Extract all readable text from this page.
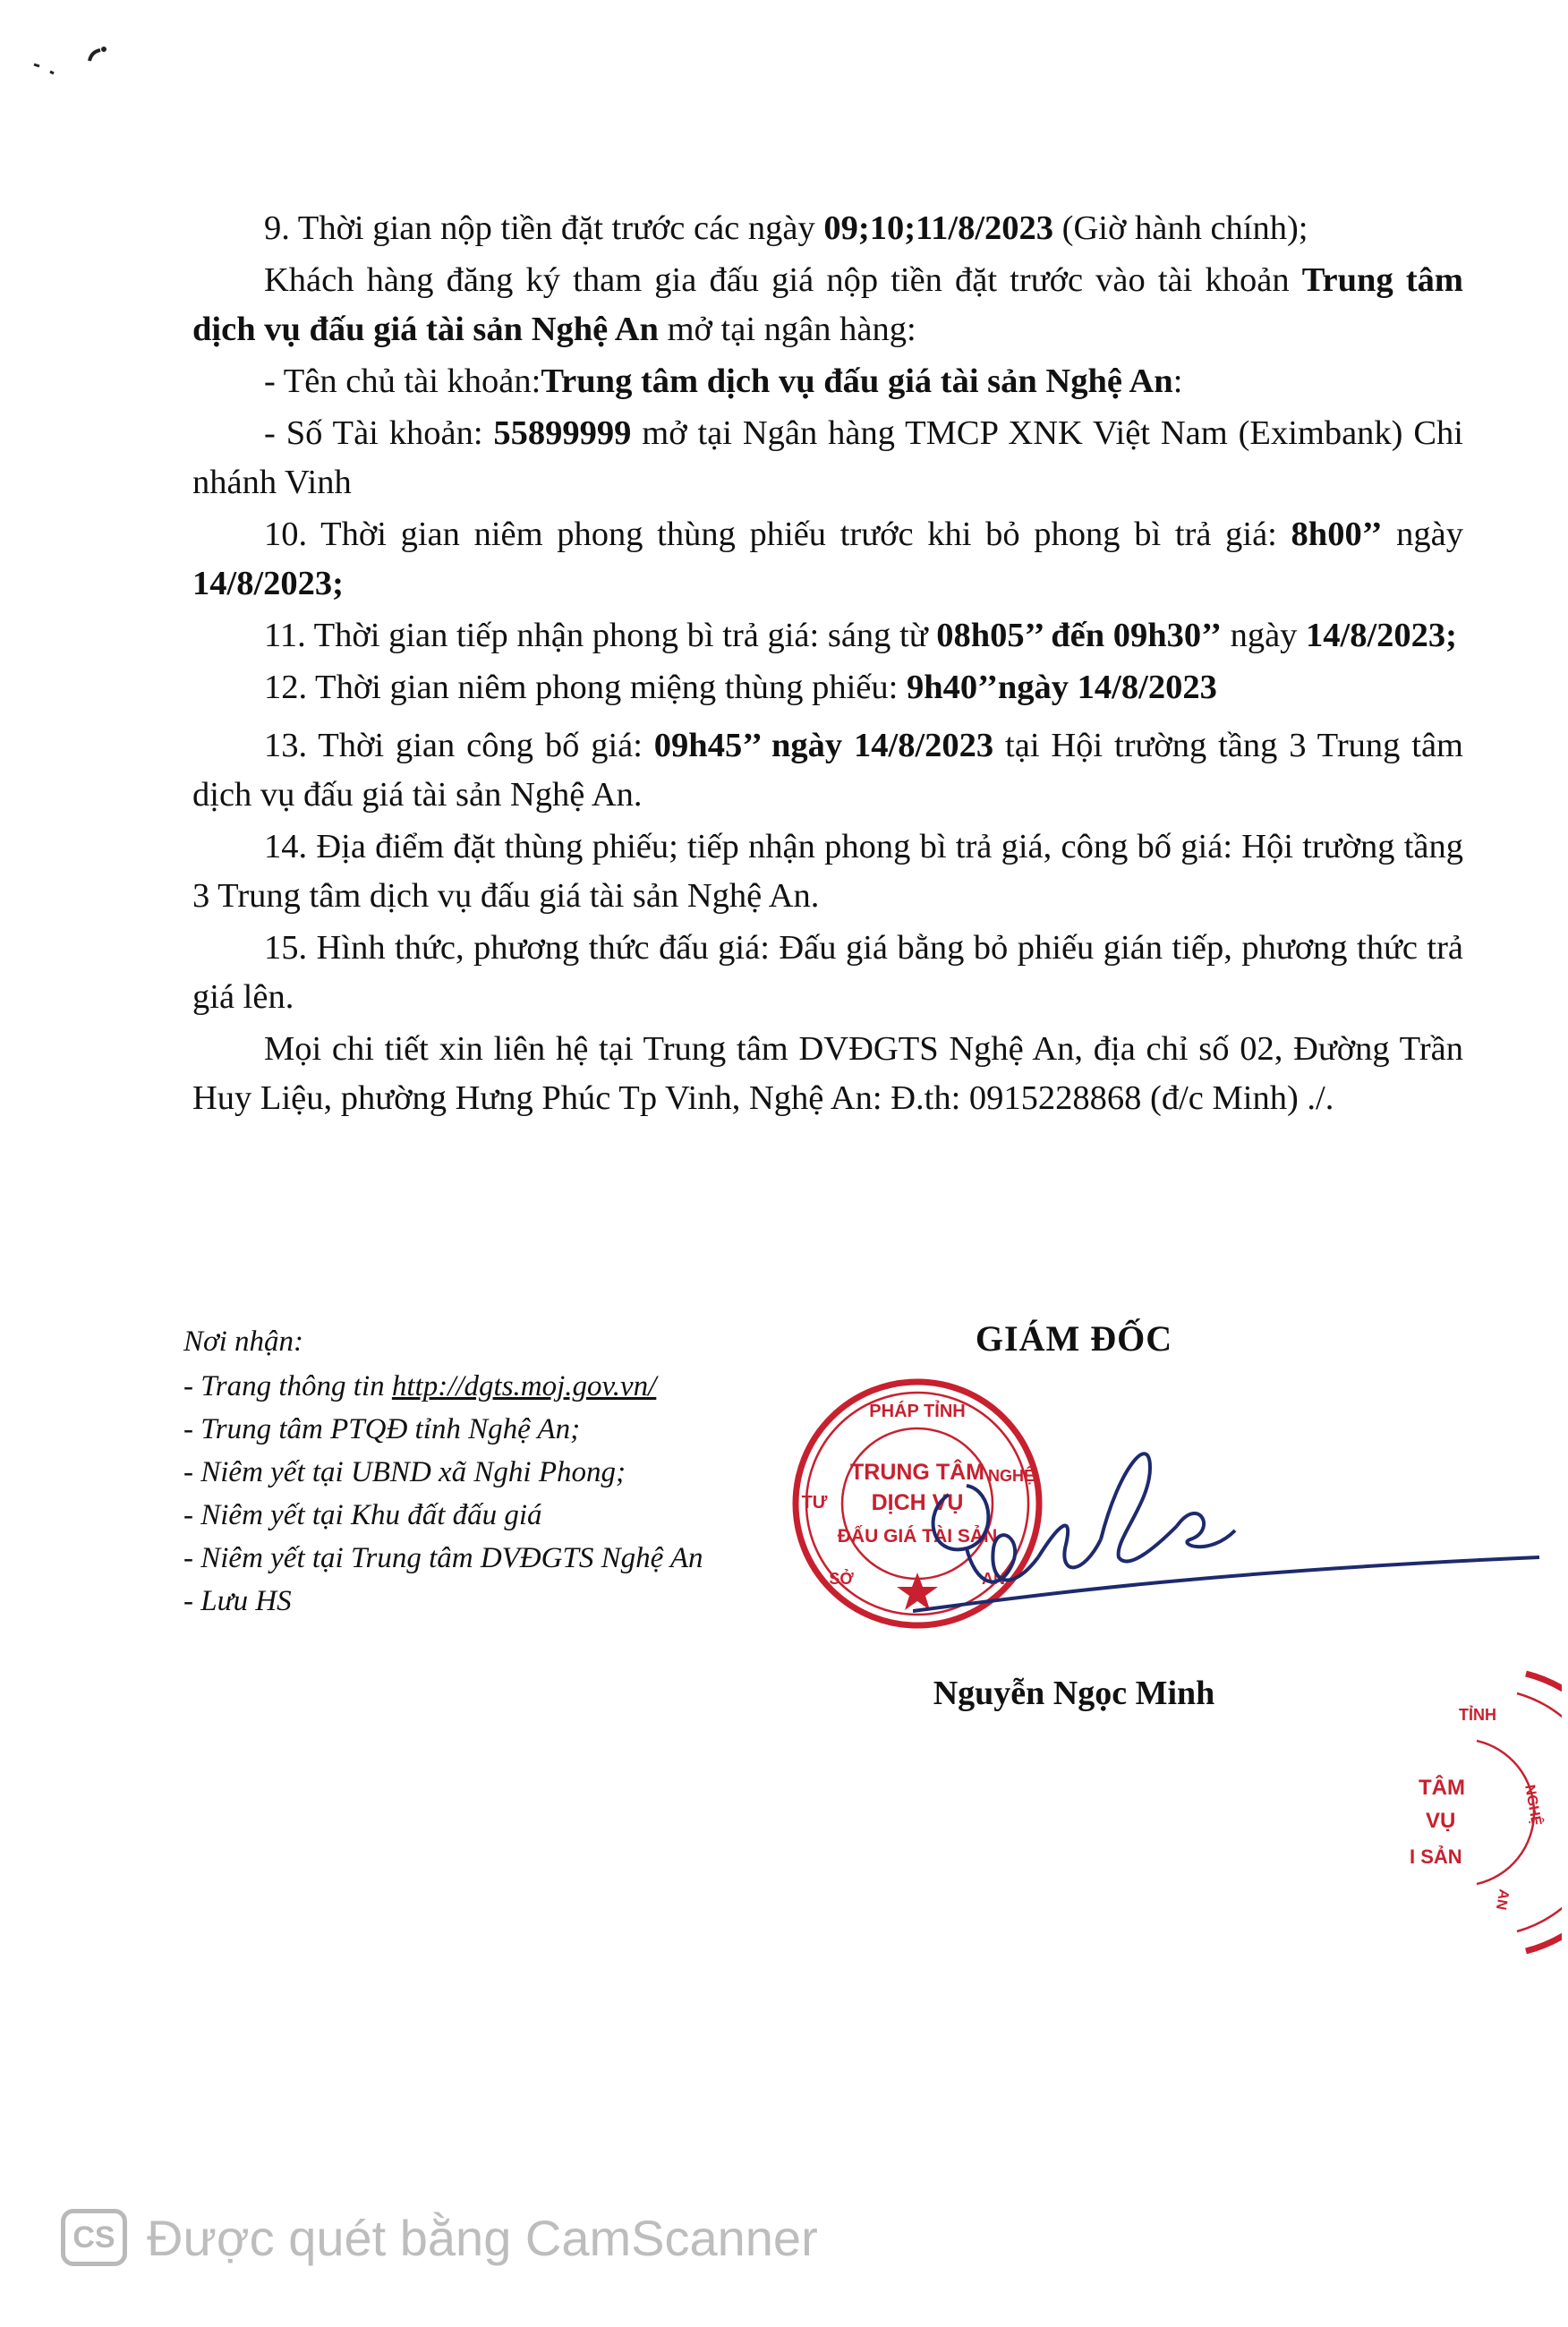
9. Thời gian nộp tiền đặt trước các ngày 09;10;11/8/2023 (Giờ hành chính);

Khách hàng đăng ký tham gia đấu giá nộp tiền đặt trước vào tài khoản Trung tâm dịch vụ đấu giá tài sản Nghệ An mở tại ngân hàng:

- Tên chủ tài khoản:Trung tâm dịch vụ đấu giá tài sản Nghệ An:

- Số Tài khoản: 55899999 mở tại Ngân hàng TMCP XNK Việt Nam (Eximbank) Chi nhánh Vinh

10. Thời gian niêm phong thùng phiếu trước khi bỏ phong bì trả giá: 8h00’’ ngày 14/8/2023;

11. Thời gian tiếp nhận phong bì trả giá: sáng từ 08h05’’ đến 09h30’’ ngày 14/8/2023;

12. Thời gian niêm phong miệng thùng phiếu: 9h40’’ngày 14/8/2023

13. Thời gian công bố giá: 09h45’’ ngày 14/8/2023 tại Hội trường tầng 3 Trung tâm dịch vụ đấu giá tài sản Nghệ An.

14. Địa điểm đặt thùng phiếu; tiếp nhận phong bì trả giá, công bố giá: Hội trường tầng 3 Trung tâm dịch vụ đấu giá tài sản Nghệ An.

15. Hình thức, phương thức đấu giá: Đấu giá bằng bỏ phiếu gián tiếp, phương thức trả giá lên.

Mọi chi tiết xin liên hệ tại Trung tâm DVĐGTS Nghệ An, địa chỉ số 02, Đường Trần Huy Liệu, phường Hưng Phúc Tp Vinh, Nghệ An: Đ.th: 0915228868 (đ/c Minh) ./.

Nơi nhận:
- Trang thông tin http://dgts.moj.gov.vn/
- Trung tâm PTQĐ tỉnh Nghệ An;
- Niêm yết tại UBND xã Nghi Phong;
- Niêm yết tại Khu đất đấu giá
- Niêm yết tại Trung tâm DVĐGTS Nghệ An
- Lưu HS
GIÁM ĐỐC
PHÁP TỈNH
TƯ
NGHỆ
TRUNG TÂM
DỊCH VỤ
ĐẤU GIÁ TÀI SẢN
SỞ	AN
Nguyễn Ngọc Minh
TỈNH
TÂM
VỤ
I SẢN
NGHỆ
AN
CS Được quét bằng CamScanner
